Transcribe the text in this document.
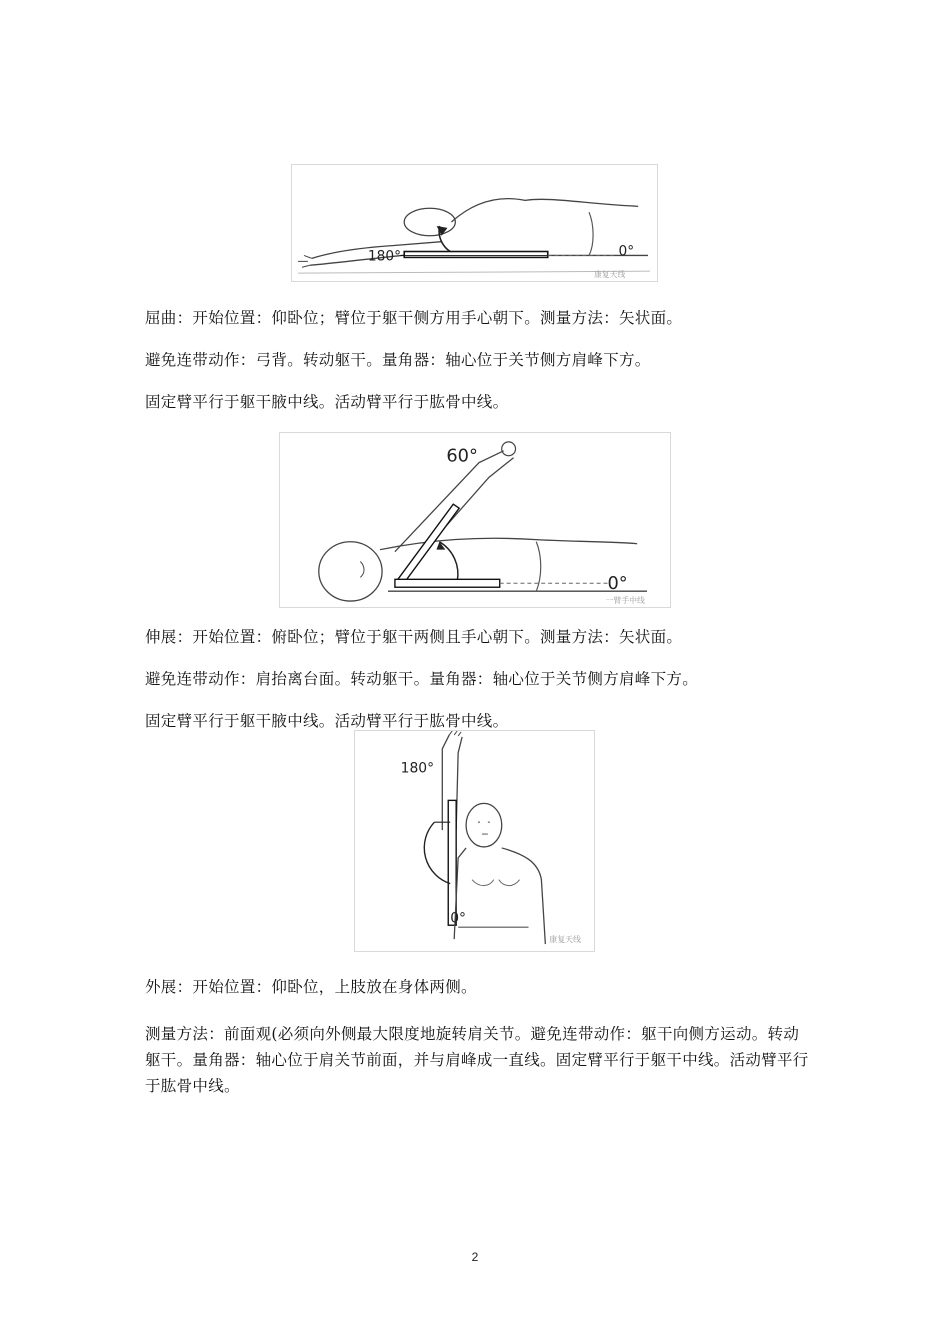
180°	0°
康复天线
屈曲：开始位置：仰卧位；臂位于躯干侧方用手心朝下。测量方法：矢状面。
避免连带动作：弓背。转动躯干。量角器：轴心位于关节侧方肩峰下方。
固定臂平行于躯干腋中线。活动臂平行于肱骨中线。
60°
0°
一臂手中线
伸展：开始位置：俯卧位；臂位于躯干两侧且手心朝下。测量方法：矢状面。
避免连带动作：肩抬离台面。转动躯干。量角器：轴心位于关节侧方肩峰下方。
固定臂平行于躯干腋中线。活动臂平行于肱骨中线。
180°
0°
康复天线
外展：开始位置：仰卧位，上肢放在身体两侧。
测量方法：前面观(必须向外侧最大限度地旋转肩关节。避免连带动作：躯干向侧方运动。转动躯干。量角器：轴心位于肩关节前面，并与肩峰成一直线。固定臂平行于躯干中线。活动臂平行于肱骨中线。
2
